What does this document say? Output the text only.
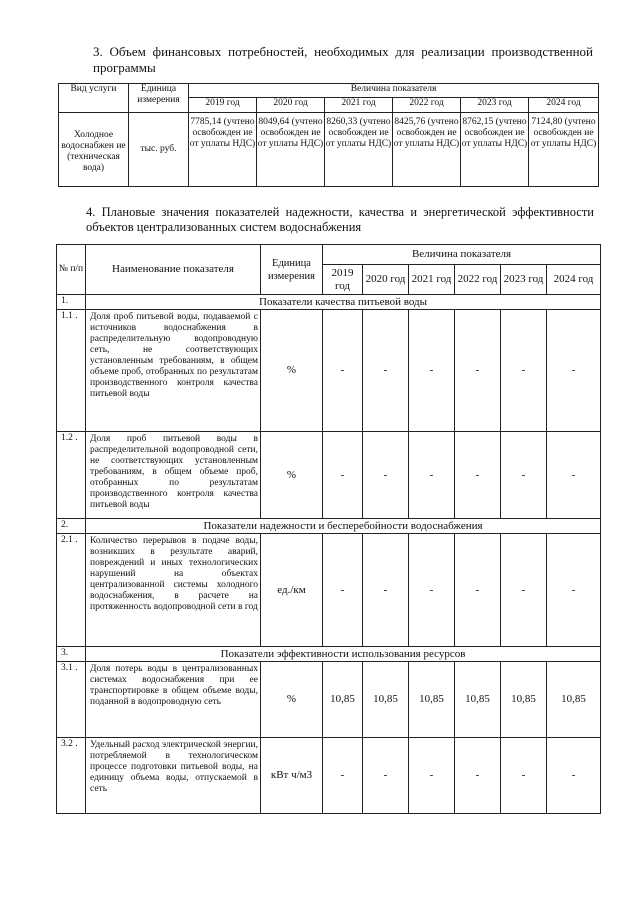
3. Объем финансовых потребностей, необходимых для реализации производственной программы
Вид услуги	Единица измерения	Величина показателя					
		2019 год	2020 год	2021 год	2022 год	2023 год	2024 год
Холодное водоснабжен ие (техническая вода)	тыс. руб.	7785,14 (учтено освобожден ие от уплаты НДС)	8049,64 (учтено освобожден ие от уплаты НДС)	8260,33 (учтено освобожден ие от уплаты НДС)	8425,76 (учтено освобожден ие от уплаты НДС)	8762,15 (учтено освобожден ие от уплаты НДС)	7124,80 (учтено освобожден ие от уплаты НДС)
4. Плановые значения показателей надежности, качества и энергетической эффективности объектов централизованных систем водоснабжения
№ п/п	Наименование показателя	Единица измерения	Величина показателя					
			2019 год	2020 год	2021 год	2022 год	2023 год	2024 год
1.	Показатели качества питьевой воды							
1.1 .	Доля проб питьевой воды, подаваемой с источников водоснабжения в распределительную водопроводную сеть, не соответствующих установленным требованиям, в общем объеме проб, отобранных по результатам производственного контроля качества питьевой воды	%	-	-	-	-	-	-
1.2 .	Доля проб питьевой воды в распределительной водопроводной сети, не соответствующих установленным требованиям, в общем объеме проб, отобранных по результатам производственного контроля качества питьевой воды	%	-	-	-	-	-	-
2.	Показатели надежности и бесперебойности водоснабжения							
2.1 .	Количество перерывов в подаче воды, возникших в результате аварий, повреждений и иных технологических нарушений на объектах централизованной системы холодного водоснабжения, в расчете на протяженность водопроводной сети в год	ед./км	-	-	-	-	-	-
3.	Показатели эффективности использования ресурсов							
3.1 .	Доля потерь воды в централизованных системах водоснабжения при ее транспортировке в общем объеме воды, поданной в водопроводную сеть	%	10,85	10,85	10,85	10,85	10,85	10,85
3.2 .	Удельный расход электрической энергии, потребляемой в технологическом процессе подготовки питьевой воды, на единицу объема воды, отпускаемой в сеть	кВт ч/м3	-	-	-	-	-	-
